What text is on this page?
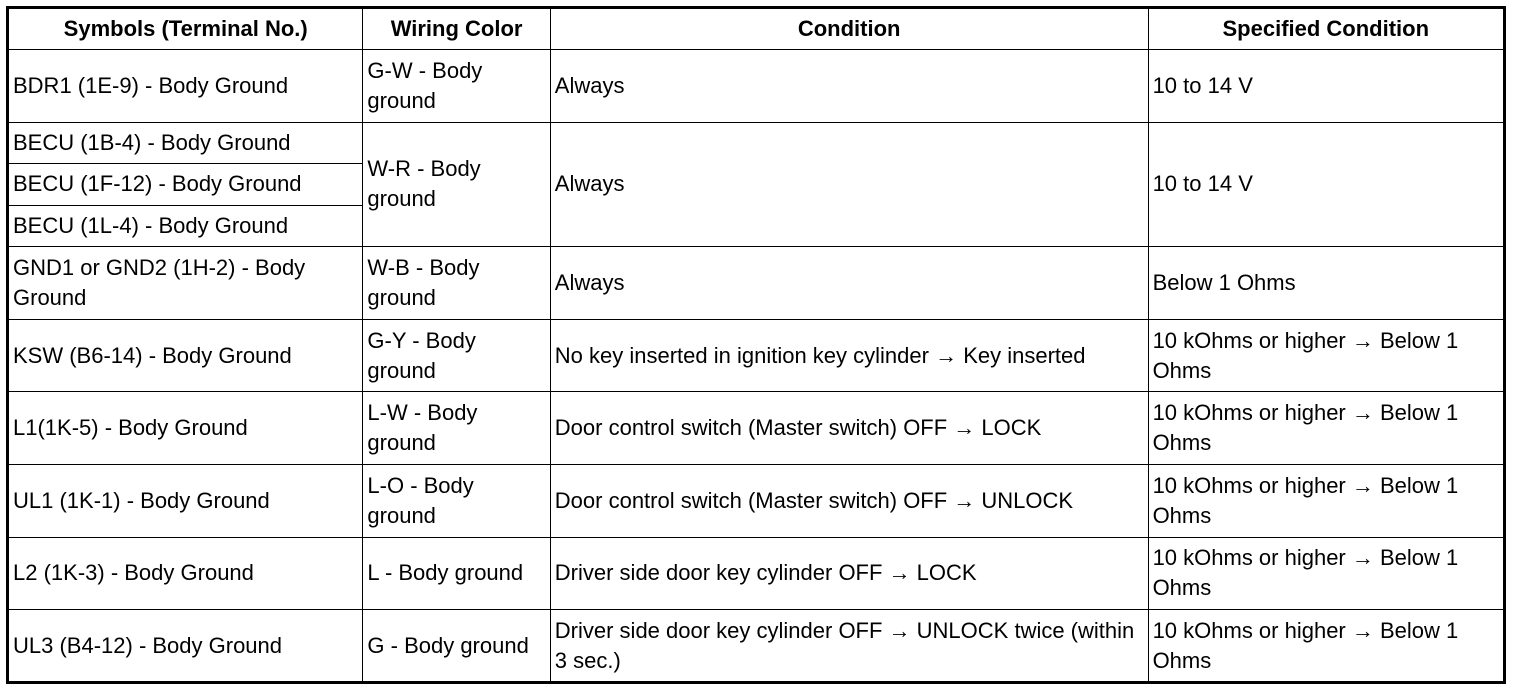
Symbols (Terminal No.)	Wiring Color	Condition	Specified Condition
BDR1 (1E-9) - Body Ground	G-W - Body ground	Always	10 to 14 V
BECU (1B-4) - Body Ground	W-R - Body ground	Always	10 to 14 V
BECU (1F-12) - Body Ground			
BECU (1L-4) - Body Ground			
GND1 or GND2 (1H-2) - Body Ground	W-B - Body ground	Always	Below 1 Ohms
KSW (B6-14) - Body Ground	G-Y - Body ground	No key inserted in ignition key cylinder → Key inserted	10 kOhms or higher → Below 1 Ohms
L1(1K-5) - Body Ground	L-W - Body ground	Door control switch (Master switch) OFF → LOCK	10 kOhms or higher → Below 1 Ohms
UL1 (1K-1) - Body Ground	L-O - Body ground	Door control switch (Master switch) OFF → UNLOCK	10 kOhms or higher → Below 1 Ohms
L2 (1K-3) - Body Ground	L - Body ground	Driver side door key cylinder OFF → LOCK	10 kOhms or higher → Below 1 Ohms
UL3 (B4-12) - Body Ground	G - Body ground	Driver side door key cylinder OFF → UNLOCK twice (within 3 sec.)	10 kOhms or higher → Below 1 Ohms
